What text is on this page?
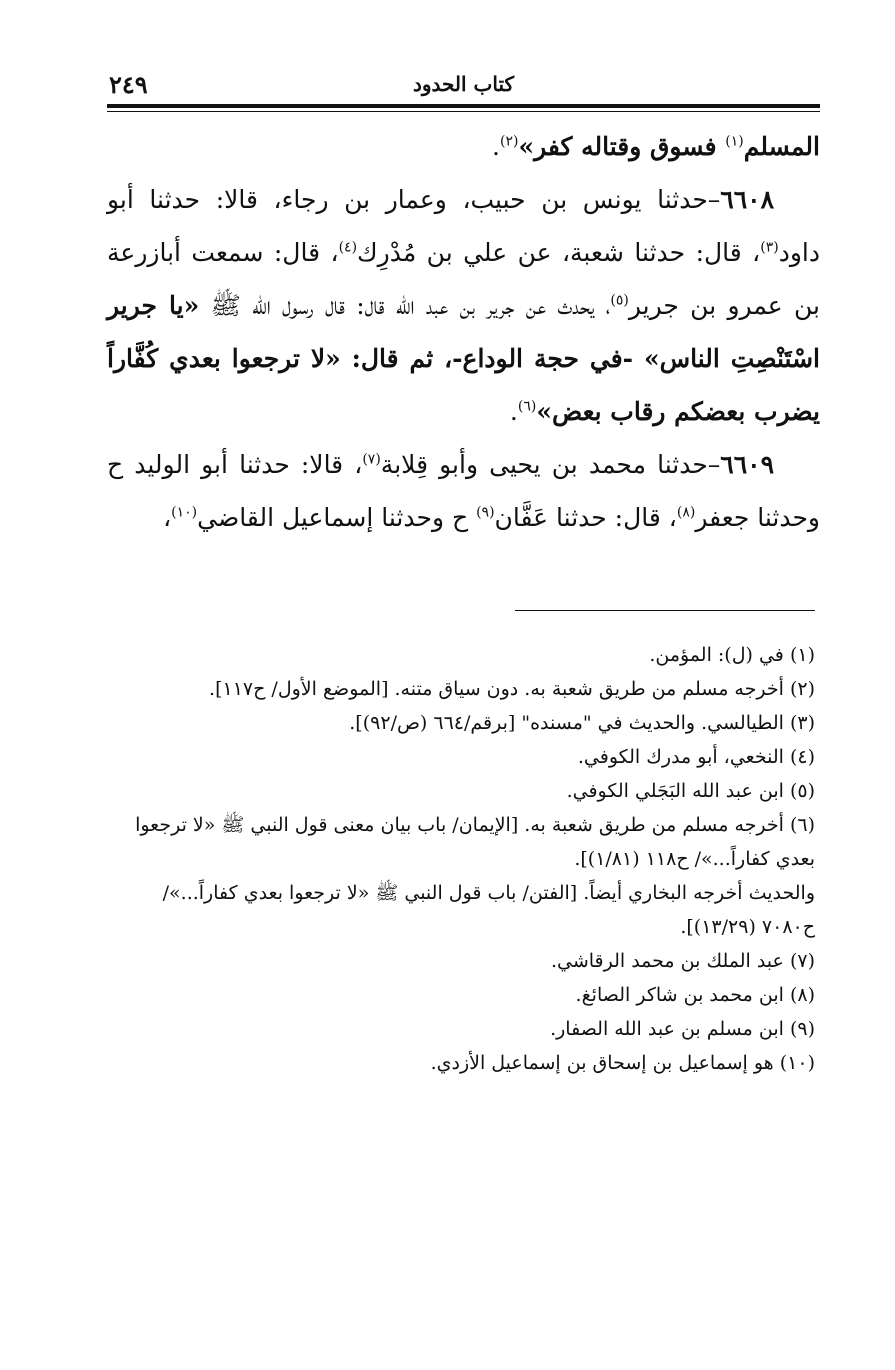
٢٤٩	كتاب الحدود

المسلم$^{(١)}$ فسوق وقتاله كفر»$^{(٢)}$.

٦٦٠٨–حدثنا يونس بن حبيب، وعمار بن رجاء، قالا: حدثنا أبو داود$^{(٣)}$، قال: حدثنا شعبة، عن علي بن مُدْرِك$^{(٤)}$، قال: سمعت أبازرعة بن عمرو بن جرير$^{(٥)}$، يحدث عن جرير بن عبد الله قال: قال رسول الله ﷺ «يا جرير اسْتَنْصِتِ الناس» -في حجة الوداع-، ثم قال: «لا ترجعوا بعدي كُفَّاراً يضرب بعضكم رقاب بعض»$^{(٦)}$.

٦٦٠٩–حدثنا محمد بن يحيى وأبو قِلابة$^{(٧)}$، قالا: حدثنا أبو الوليد ح وحدثنا جعفر$^{(٨)}$، قال: حدثنا عَفَّان$^{(٩)}$ ح وحدثنا إسماعيل القاضي$^{(١٠)}$،

(١) في (ل): المؤمن.

(٢) أخرجه مسلم من طريق شعبة به. دون سياق متنه. [الموضع الأول/ ح١١٧].

(٣) الطيالسي. والحديث في "مسنده" [برقم/٦٦٤ (ص/٩٢)].

(٤) النخعي، أبو مدرك الكوفي.

(٥) ابن عبد الله البَجَلي الكوفي.

(٦) أخرجه مسلم من طريق شعبة به. [الإيمان/ باب بيان معنى قول النبي ﷺ «لا ترجعوا بعدي كفاراً...»/ ح١١٨ (١/٨١)].

والحديث أخرجه البخاري أيضاً. [الفتن/ باب قول النبي ﷺ «لا ترجعوا بعدي كفاراً...»/ ح٧٠٨٠ (١٣/٢٩)].

(٧) عبد الملك بن محمد الرقاشي.

(٨) ابن محمد بن شاكر الصائغ.

(٩) ابن مسلم بن عبد الله الصفار.

(١٠) هو إسماعيل بن إسحاق بن إسماعيل الأزدي.
